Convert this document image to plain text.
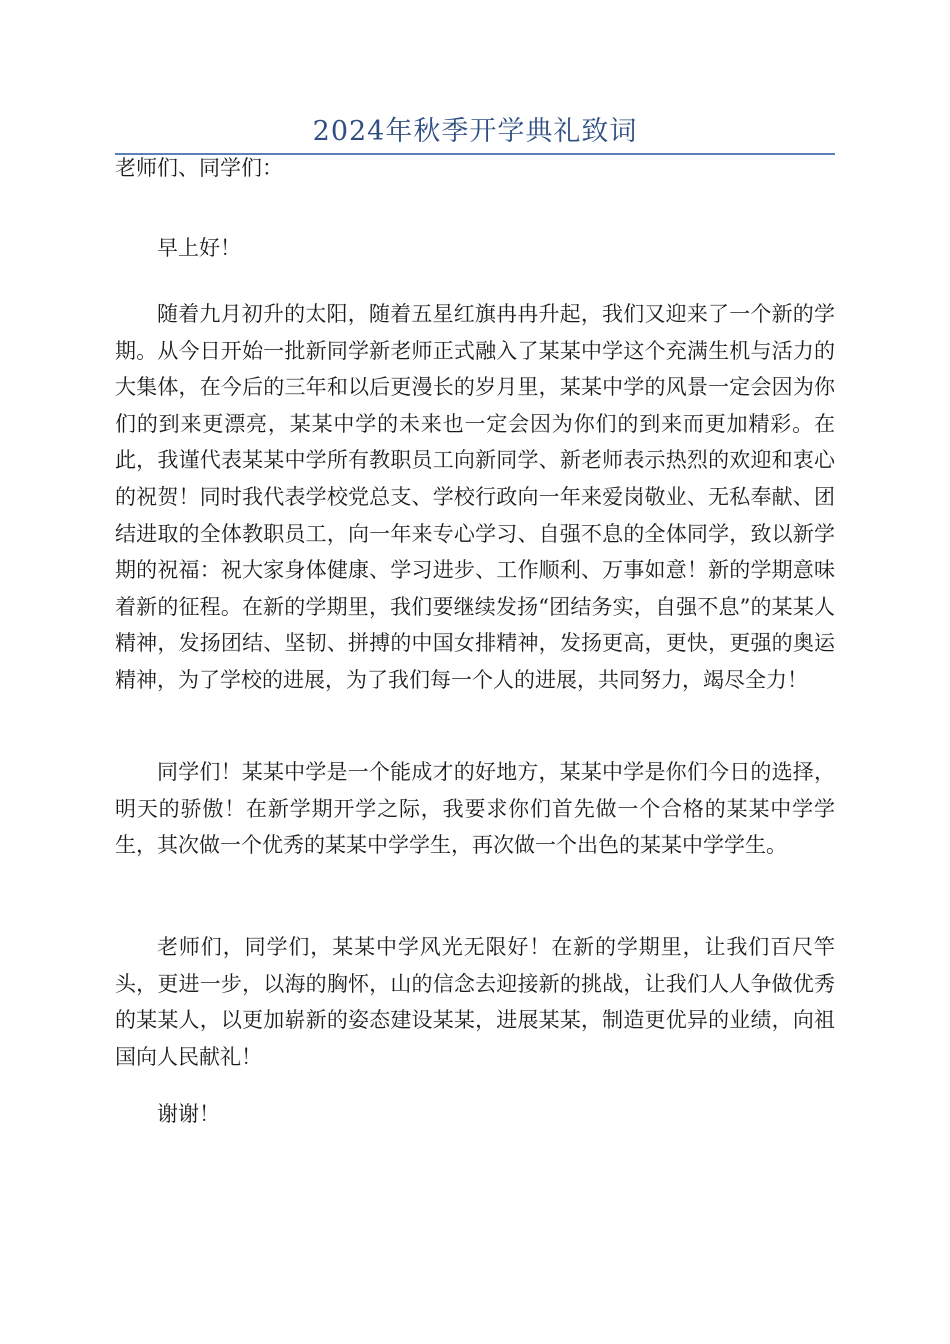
2024年秋季开学典礼致词

老师们、同学们：

早上好！

随着九月初升的太阳，随着五星红旗冉冉升起，我们又迎来了一个新的学期。从今日开始一批新同学新老师正式融入了某某中学这个充满生机与活力的大集体，在今后的三年和以后更漫长的岁月里，某某中学的风景一定会因为你们的到来更漂亮，某某中学的未来也一定会因为你们的到来而更加精彩。在此，我谨代表某某中学所有教职员工向新同学、新老师表示热烈的欢迎和衷心的祝贺！同时我代表学校党总支、学校行政向一年来爱岗敬业、无私奉献、团结进取的全体教职员工，向一年来专心学习、自强不息的全体同学，致以新学期的祝福：祝大家身体健康、学习进步、工作顺利、万事如意！新的学期意味着新的征程。在新的学期里，我们要继续发扬“团结务实，自强不息”的某某人精神，发扬团结、坚韧、拼搏的中国女排精神，发扬更高，更快，更强的奥运精神，为了学校的进展，为了我们每一个人的进展，共同努力，竭尽全力！

同学们！某某中学是一个能成才的好地方，某某中学是你们今日的选择，明天的骄傲！在新学期开学之际，我要求你们首先做一个合格的某某中学学生，其次做一个优秀的某某中学学生，再次做一个出色的某某中学学生。

老师们，同学们，某某中学风光无限好！在新的学期里，让我们百尺竿头，更进一步，以海的胸怀，山的信念去迎接新的挑战，让我们人人争做优秀的某某人，以更加崭新的姿态建设某某，进展某某，制造更优异的业绩，向祖国向人民献礼！

谢谢！
